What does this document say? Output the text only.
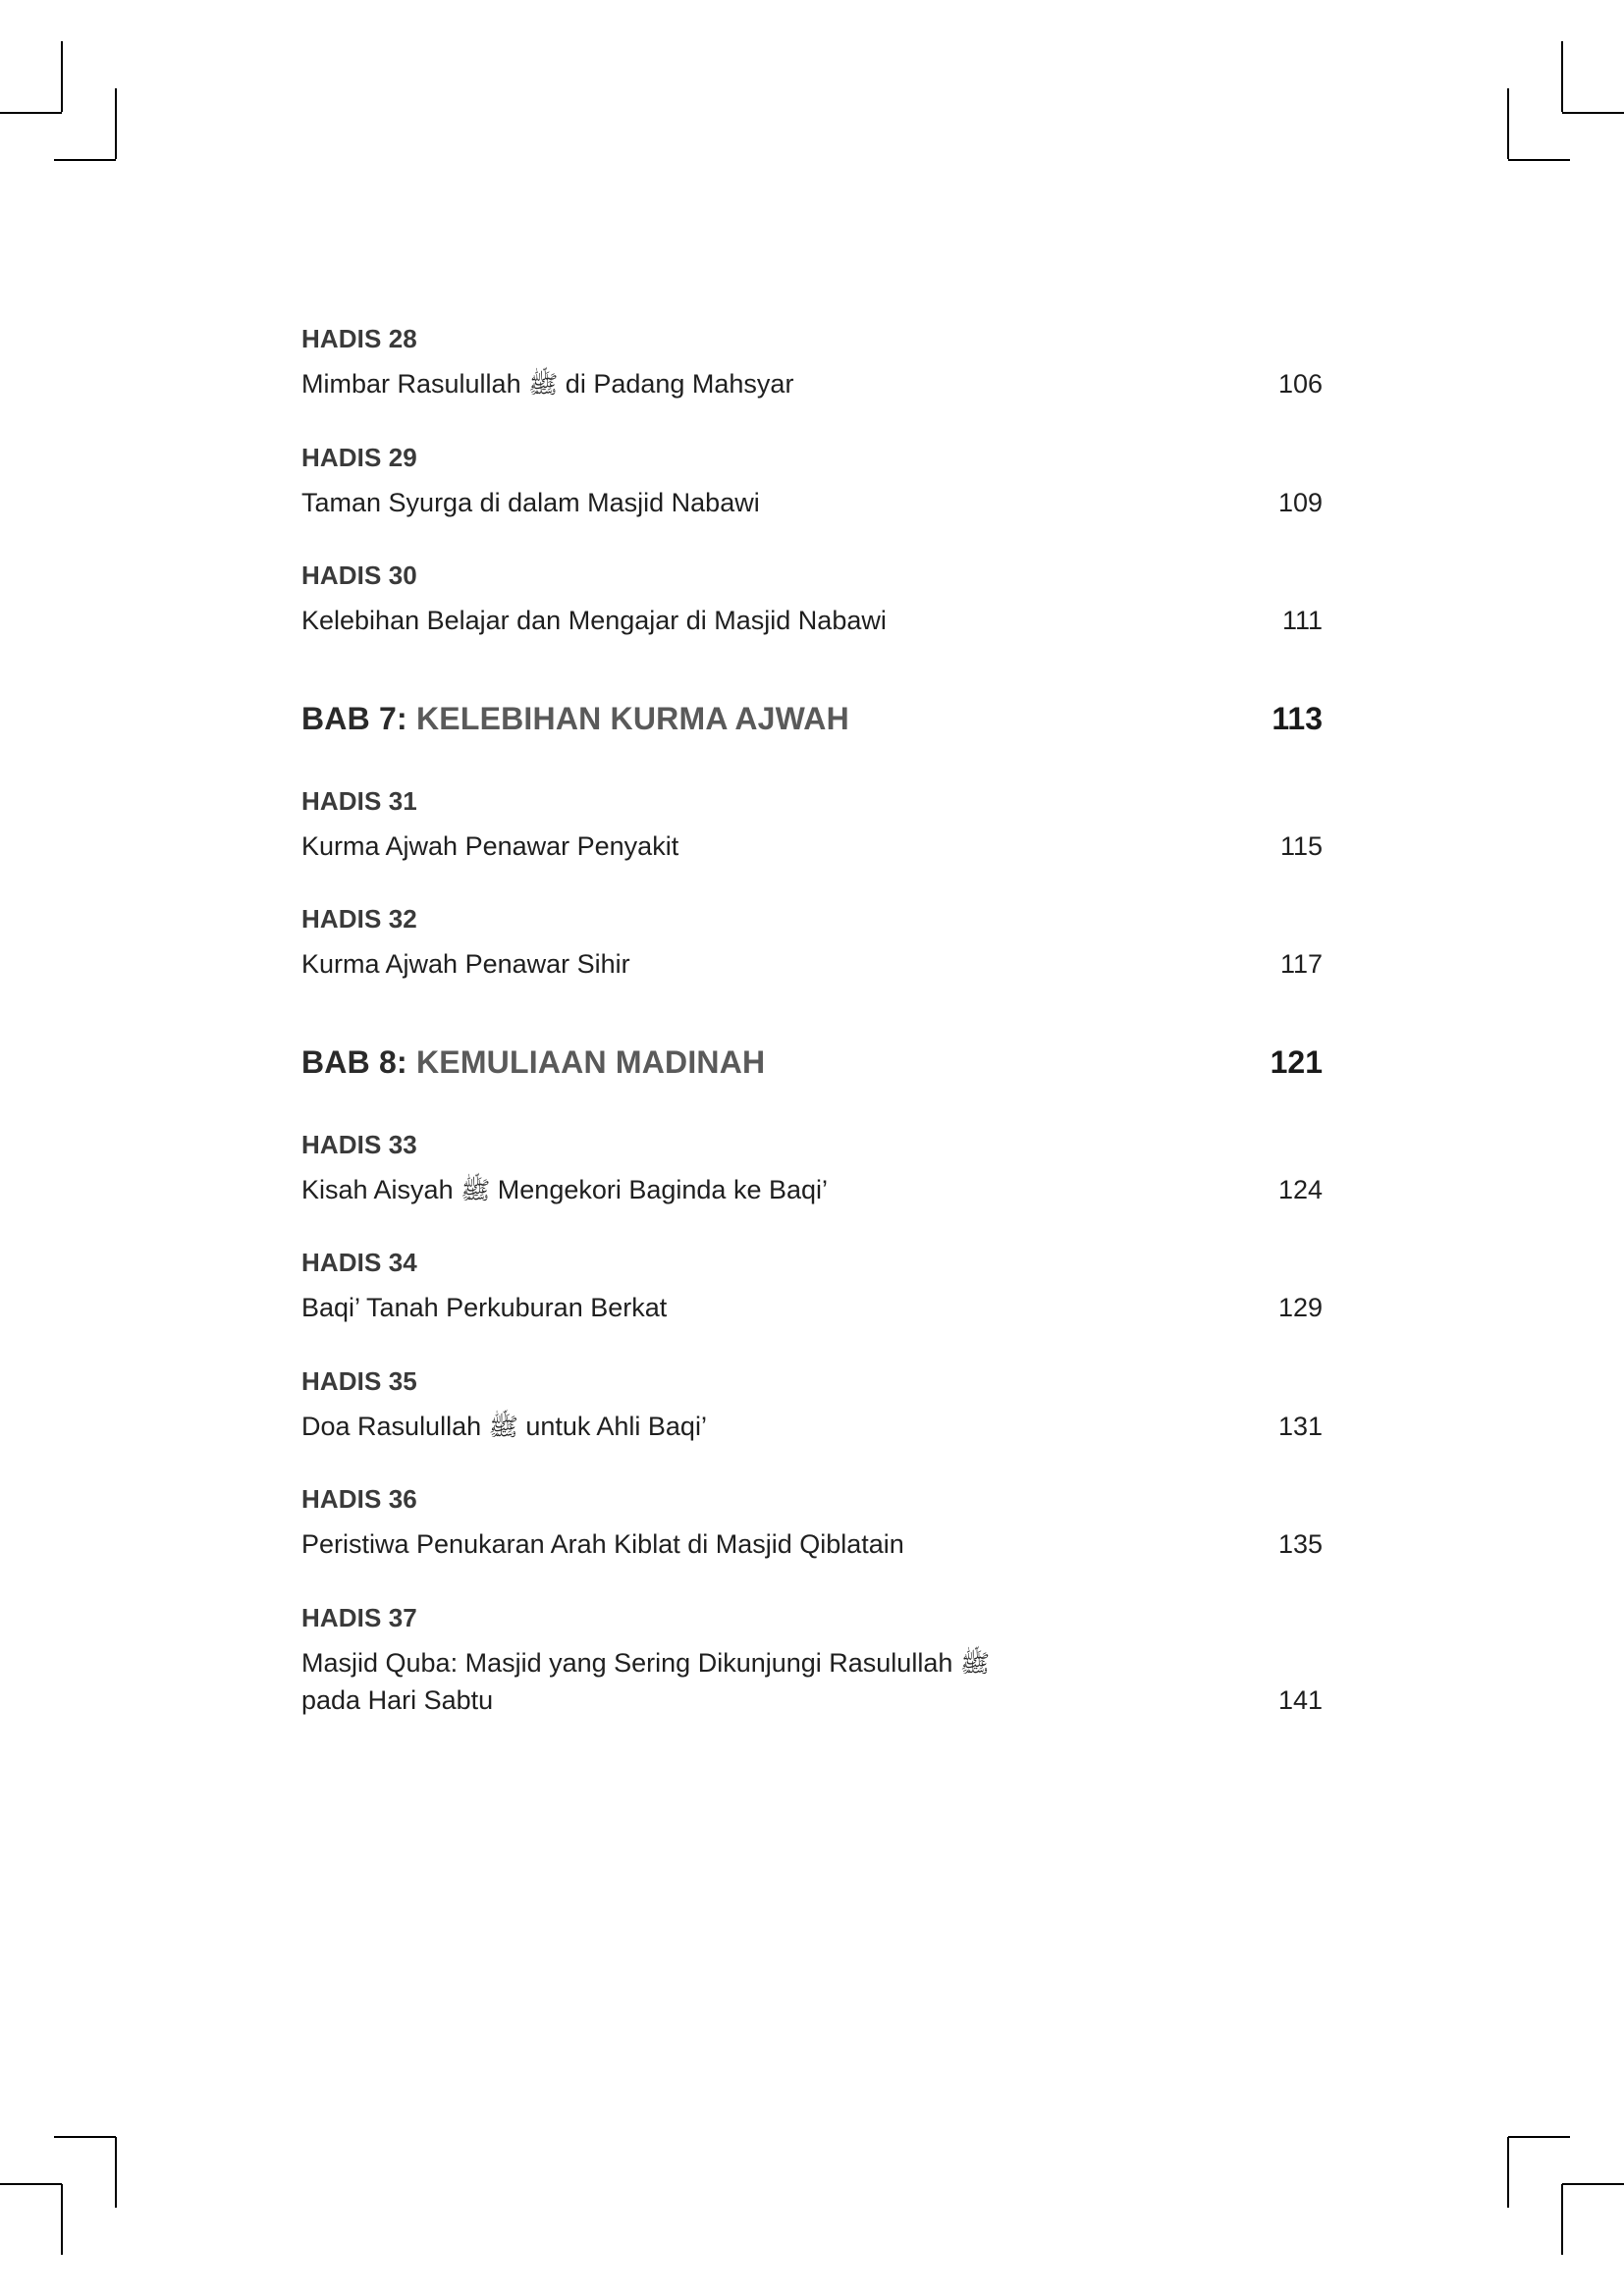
HADIS 28
Mimbar Rasulullah ﷺ di Padang Mahsyar	106
HADIS 29
Taman Syurga di dalam Masjid Nabawi	109
HADIS 30
Kelebihan Belajar dan Mengajar di Masjid Nabawi	111
BAB 7: KELEBIHAN KURMA AJWAH	113
HADIS 31
Kurma Ajwah Penawar Penyakit	115
HADIS 32
Kurma Ajwah Penawar Sihir	117
BAB 8: KEMULIAAN MADINAH	121
HADIS 33
Kisah Aisyah ﷺ Mengekori Baginda ke Baqi’	124
HADIS 34
Baqi’ Tanah Perkuburan Berkat	129
HADIS 35
Doa Rasulullah ﷺ untuk Ahli Baqi’	131
HADIS 36
Peristiwa Penukaran Arah Kiblat di Masjid Qiblatain	135
HADIS 37
Masjid Quba: Masjid yang Sering Dikunjungi Rasulullah ﷺ
pada Hari Sabtu	141
